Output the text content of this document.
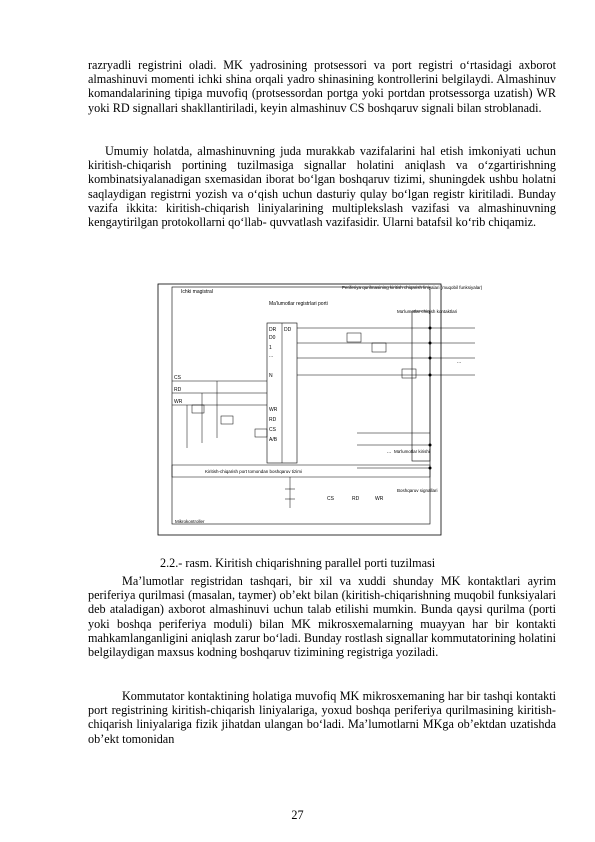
razryadli registrini oladi. MK yadrosining protsessori va port registri o‘rtasidagi axborot almashinuvi momenti ichki shina orqali yadro shinasining kontrollerini belgilaydi. Almashinuv komandalarining tipiga muvofiq (protsessordan portga yoki portdan protsessorga uzatish) WR yoki RD signallari shakllantiriladi, keyin almashinuv CS boshqaruv signali bilan stroblanadi.

Umumiy holatda, almashinuvning juda murakkab vazifalarini hal etish imkoniyati uchun kiritish-chiqarish portining tuzilmasiga signallar holatini aniqlash va o‘zgartirishning kombinatsiyalanadigan sxemasidan iborat bo‘lgan boshqaruv tizimi, shuningdek ushbu holatni saqlaydigan registrni yozish va o‘qish uchun dasturiy qulay bo‘lgan registr kiritiladi. Bunday vazifa ikkita: kiritish-chiqarish liniyalarining multiplekslash vazifasi va almashinuvning kengaytirilgan protokollarni qo‘llab- quvvatlash vazifasidir. Ularni batafsil ko‘rib chiqamiz.

Ichki magistral
Ma'lumotlar registrlari porti
Periferiya qurilmasining kiritish chiqarish liniyalari (muqobil funksiyalar)
Ma'lumotlar chiqish kontaktlari
Ma'lumotlar kirishi
Boshqaruv signallari
Kiritish-chiqarish port tomondan boshqaruv tizimi
Mikrokontroller
CS
RD
WR
WR
RD
CS
A/B
DR DD
D0
1
...
N
CS	RD	WR
...
...
2.2.- rasm. Kiritish chiqarishning parallel porti tuzilmasi

Ma’lumotlar registridan tashqari, bir xil va xuddi shunday MK kontaktlari ayrim periferiya qurilmasi (masalan, taymer) ob’ekt bilan (kiritish-chiqarishning muqobil funksiyalari deb ataladigan) axborot almashinuvi uchun talab etilishi mumkin. Bunda qaysi qurilma (porti yoki boshqa periferiya moduli) bilan MK mikrosxemalarning muayyan har bir kontakti mahkamlanganligini aniqlash zarur bo‘ladi. Bunday rostlash signallar kommutatorining holatini belgilaydigan maxsus kodning boshqaruv tizimining registriga yoziladi.

Kommutator kontaktining holatiga muvofiq MK mikrosxemaning har bir tashqi kontakti port registrining kiritish-chiqarish liniyalariga, yoxud boshqa periferiya qurilmasining kiritish-chiqarish liniyalariga fizik jihatdan ulangan bo‘ladi. Ma’lumotlarni MKga ob’ektdan uzatishda ob’ekt tomonidan

27
